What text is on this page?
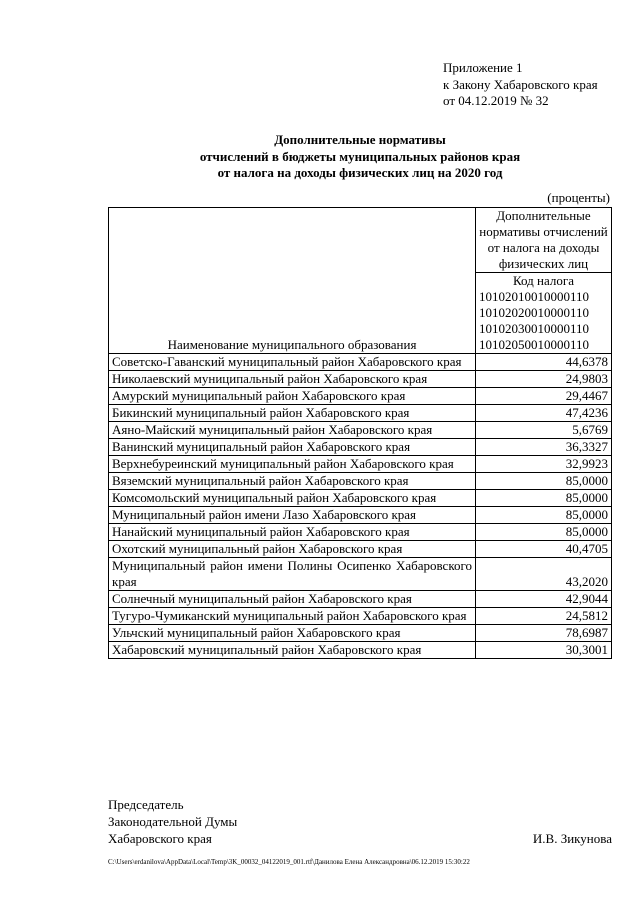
Приложение 1
к Закону Хабаровского края
от 04.12.2019 № 32
Дополнительные нормативы
отчислений в бюджеты муниципальных районов края
от налога на доходы физических лиц на 2020 год
(проценты)
Наименование муниципального образования	Дополнительные нормативы отчислений от налога на доходы физических лиц

	Код налога
10102010010000110
10102020010000110
10102030010000110
10102050010000110

Советско-Гаванский муниципальный район Хабаровского края	44,6378
Николаевский муниципальный район Хабаровского края	24,9803
Амурский муниципальный район Хабаровского края	29,4467
Бикинский муниципальный район Хабаровского края	47,4236
Аяно-Майский муниципальный район Хабаровского края	5,6769
Ванинский муниципальный район Хабаровского края	36,3327
Верхнебуреинский муниципальный район Хабаровского края	32,9923
Вяземский муниципальный район Хабаровского края	85,0000
Комсомольский муниципальный район Хабаровского края	85,0000
Муниципальный район имени Лазо Хабаровского края	85,0000
Нанайский муниципальный район Хабаровского края	85,0000
Охотский муниципальный район Хабаровского края	40,4705
Муниципальный район имени Полины Осипенко Хабаровского края	43,2020
Солнечный муниципальный район Хабаровского края	42,9044
Тугуро-Чумиканский муниципальный район Хабаровского края	24,5812
Ульчский муниципальный район Хабаровского края	78,6987
Хабаровский муниципальный район Хабаровского края	30,3001
Председатель
Законодательной Думы
Хабаровского края	И.В. Зикунова
C:\Users\erdanilova\AppData\Local\Temp\3K_00032_04122019_001.rtf\Данилова Елена Александровна\06.12.2019 15:30:22
